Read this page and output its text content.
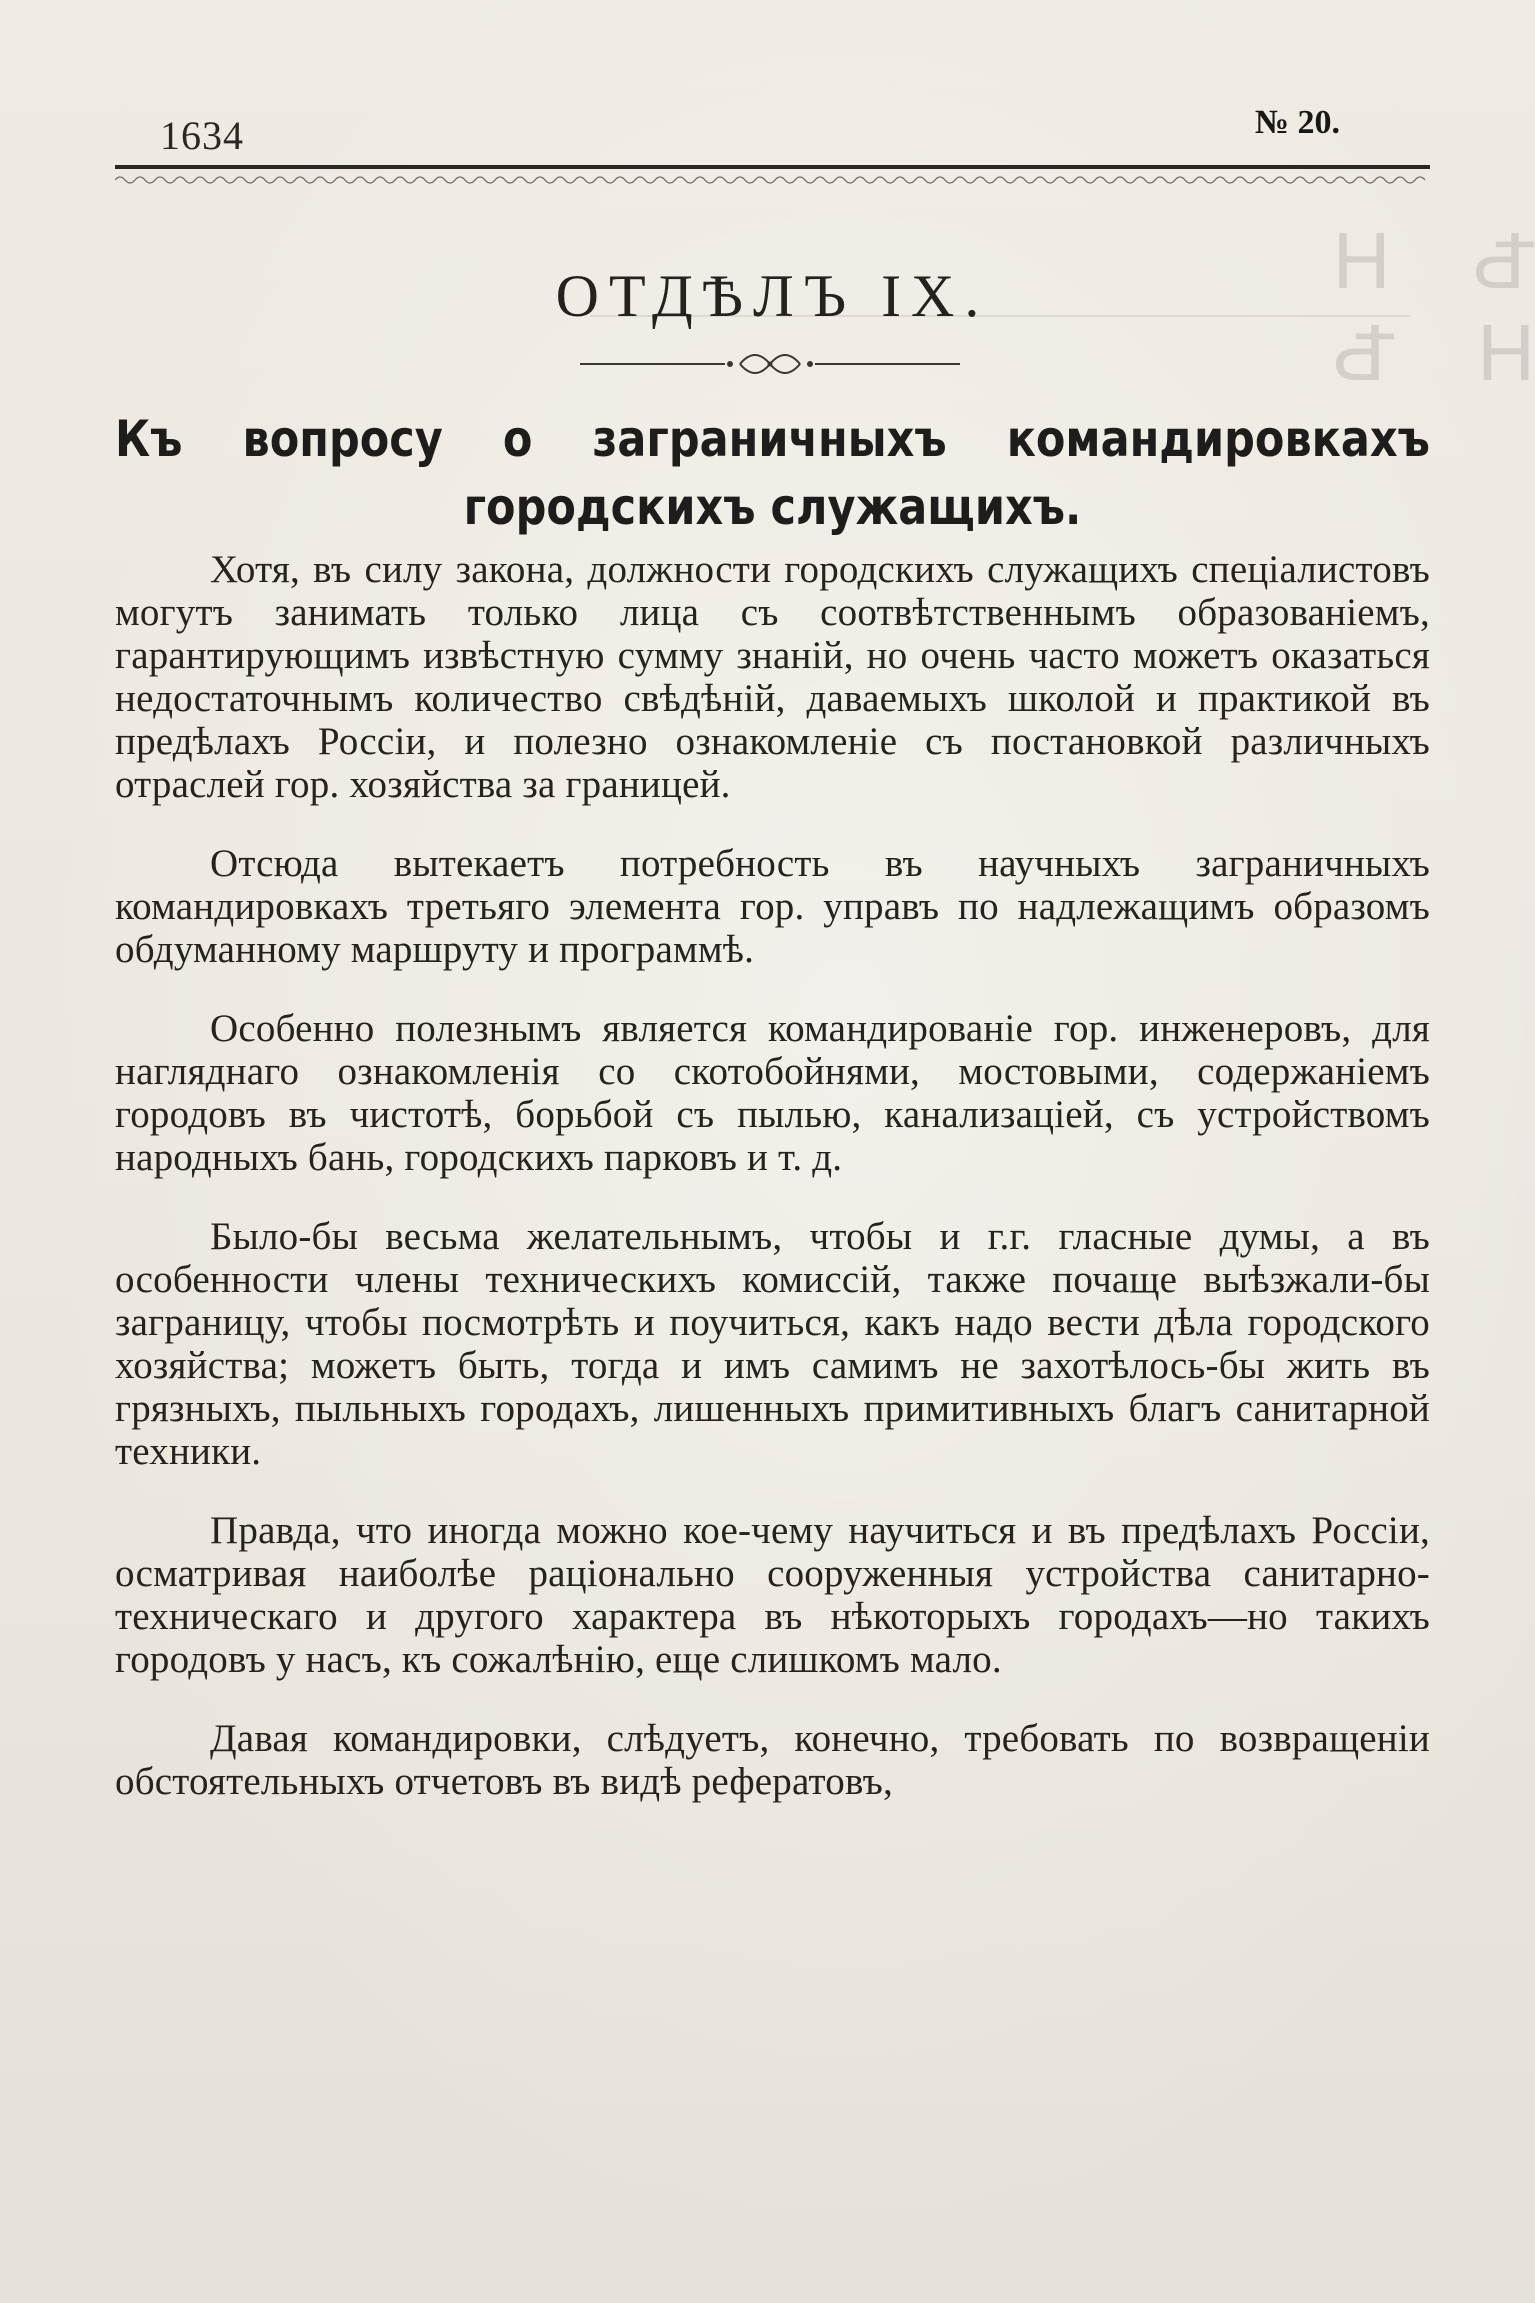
Ѣ Н Н Ѣ
1634	№ 20.
ОТДѢЛЪ IX.
Къ вопросу о заграничныхъ командировкахъ городскихъ служащихъ.

Хотя, въ силу закона, должности городскихъ служащихъ спеціалистовъ могутъ занимать только лица съ соотвѣтственнымъ образованіемъ, гарантирующимъ извѣстную сумму знаній, но очень часто можетъ оказаться недостаточнымъ количество свѣдѣній, даваемыхъ школой и практикой въ предѣлахъ Россіи, и полезно ознакомленіе съ постановкой различныхъ отраслей гор. хозяйства за границей.

Отсюда вытекаетъ потребность въ научныхъ заграничныхъ командировкахъ третьяго элемента гор. управъ по надлежащимъ образомъ обдуманному маршруту и программѣ.

Особенно полезнымъ является командированіе гор. инженеровъ, для нагляднаго ознакомленія со скотобойнями, мостовыми, содержаніемъ городовъ въ чистотѣ, борьбой съ пылью, канализаціей, съ устройствомъ народныхъ бань, городскихъ парковъ и т. д.

Было-бы весьма желательнымъ, чтобы и г.г. гласные думы, а въ особенности члены техническихъ комиссій, также почаще выѣзжали-бы заграницу, чтобы посмотрѣть и поучиться, какъ надо вести дѣла городского хозяйства; можетъ быть, тогда и имъ самимъ не захотѣлось-бы жить въ грязныхъ, пыльныхъ городахъ, лишенныхъ примитивныхъ благъ санитарной техники.

Правда, что иногда можно кое-чему научиться и въ предѣлахъ Россіи, осматривая наиболѣе раціонально сооруженныя устройства санитарно-техническаго и другого характера въ нѣкоторыхъ городахъ—но такихъ городовъ у насъ, къ сожалѣнію, еще слишкомъ мало.

Давая командировки, слѣдуетъ, конечно, требовать по возвращеніи обстоятельныхъ отчетовъ въ видѣ рефератовъ,
